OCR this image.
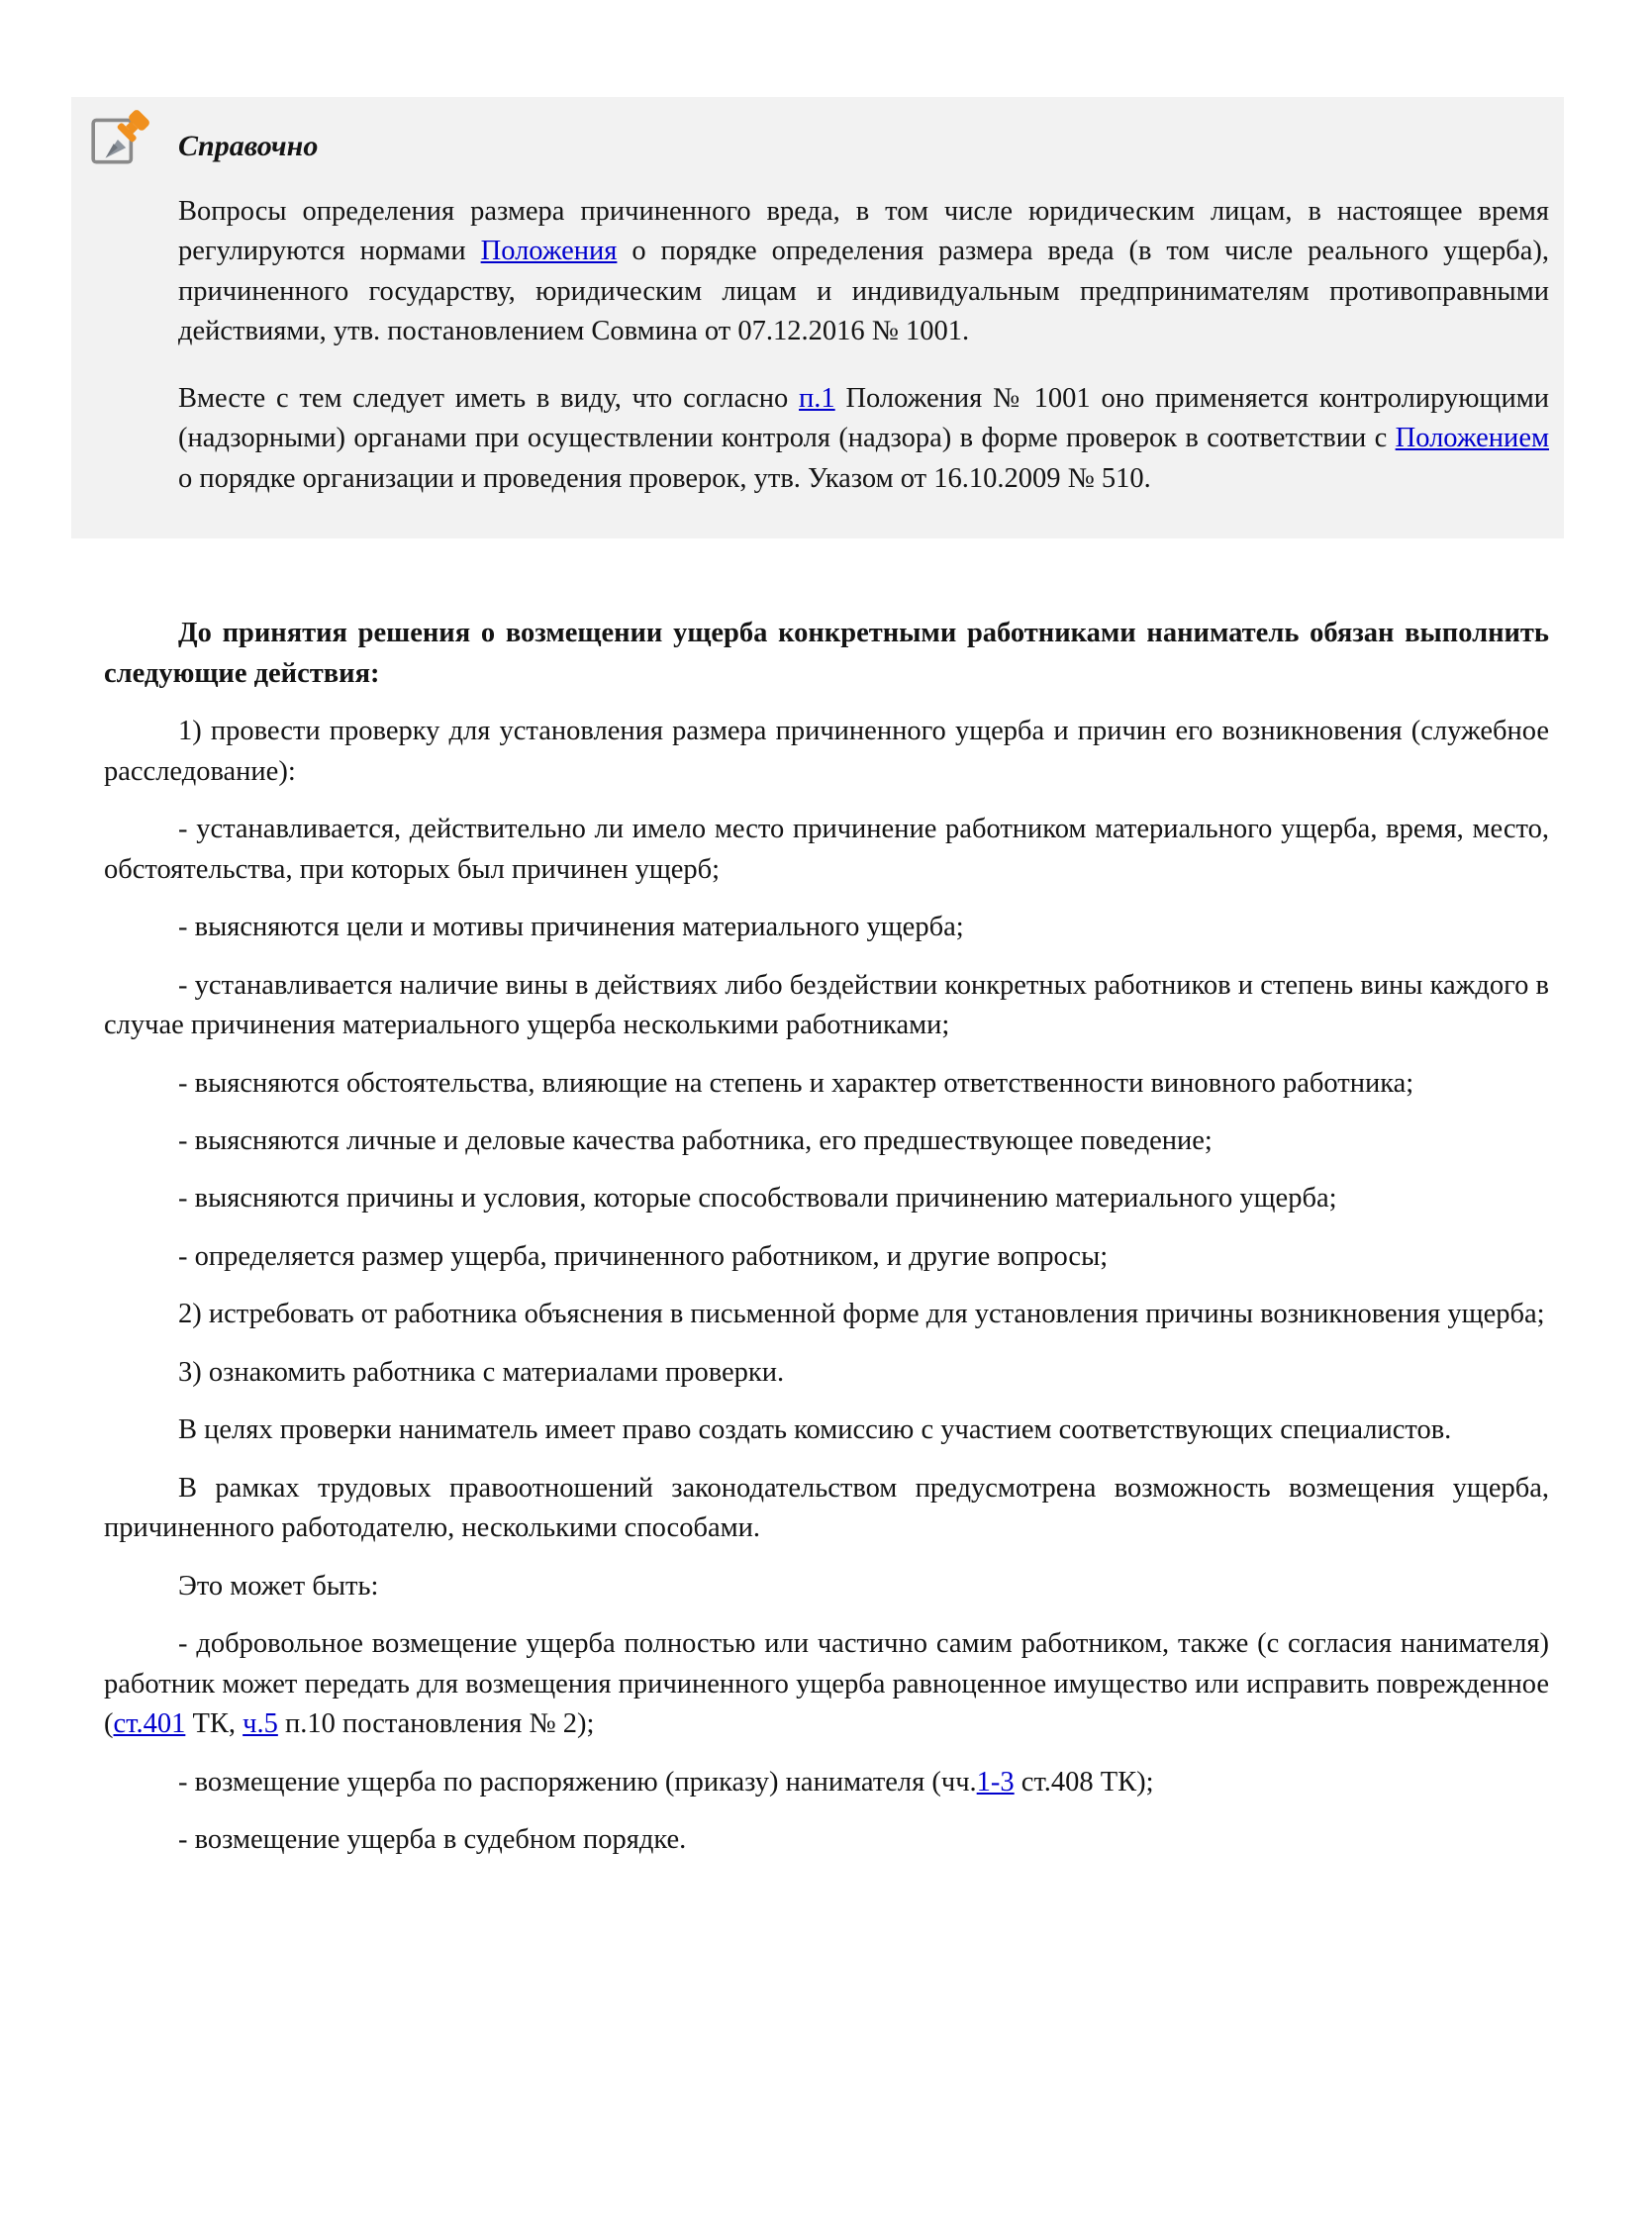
Справочно

Вопросы определения размера причиненного вреда, в том числе юридическим лицам, в настоящее время регулируются нормами Положения о порядке определения размера вреда (в том числе реального ущерба), причиненного государству, юридическим лицам и индивидуальным предпринимателям противоправными действиями, утв. постановлением Совмина от 07.12.2016 № 1001.

Вместе с тем следует иметь в виду, что согласно п.1 Положения № 1001 оно применяется контролирующими (надзорными) органами при осуществлении контроля (надзора) в форме проверок в соответствии с Положением о порядке организации и проведения проверок, утв. Указом от 16.10.2009 № 510.

До принятия решения о возмещении ущерба конкретными работниками наниматель обязан выполнить следующие действия:

1) провести проверку для установления размера причиненного ущерба и причин его возникновения (служебное расследование):

- устанавливается, действительно ли имело место причинение работником материального ущерба, время, место, обстоятельства, при которых был причинен ущерб;

- выясняются цели и мотивы причинения материального ущерба;

- устанавливается наличие вины в действиях либо бездействии конкретных работников и степень вины каждого в случае причинения материального ущерба несколькими работниками;

- выясняются обстоятельства, влияющие на степень и характер ответственности виновного работника;

- выясняются личные и деловые качества работника, его предшествующее поведение;

- выясняются причины и условия, которые способствовали причинению материального ущерба;

- определяется размер ущерба, причиненного работником, и другие вопросы;

2) истребовать от работника объяснения в письменной форме для установления причины возникновения ущерба;

3) ознакомить работника с материалами проверки.

В целях проверки наниматель имеет право создать комиссию с участием соответствующих специалистов.

В рамках трудовых правоотношений законодательством предусмотрена возможность возмещения ущерба, причиненного работодателю, несколькими способами.

Это может быть:

- добровольное возмещение ущерба полностью или частично самим работником, также (с согласия нанимателя) работник может передать для возмещения причиненного ущерба равноценное имущество или исправить поврежденное (ст.401 ТК, ч.5 п.10 постановления № 2);

- возмещение ущерба по распоряжению (приказу) нанимателя (чч.1-3 ст.408 ТК);

- возмещение ущерба в судебном порядке.
